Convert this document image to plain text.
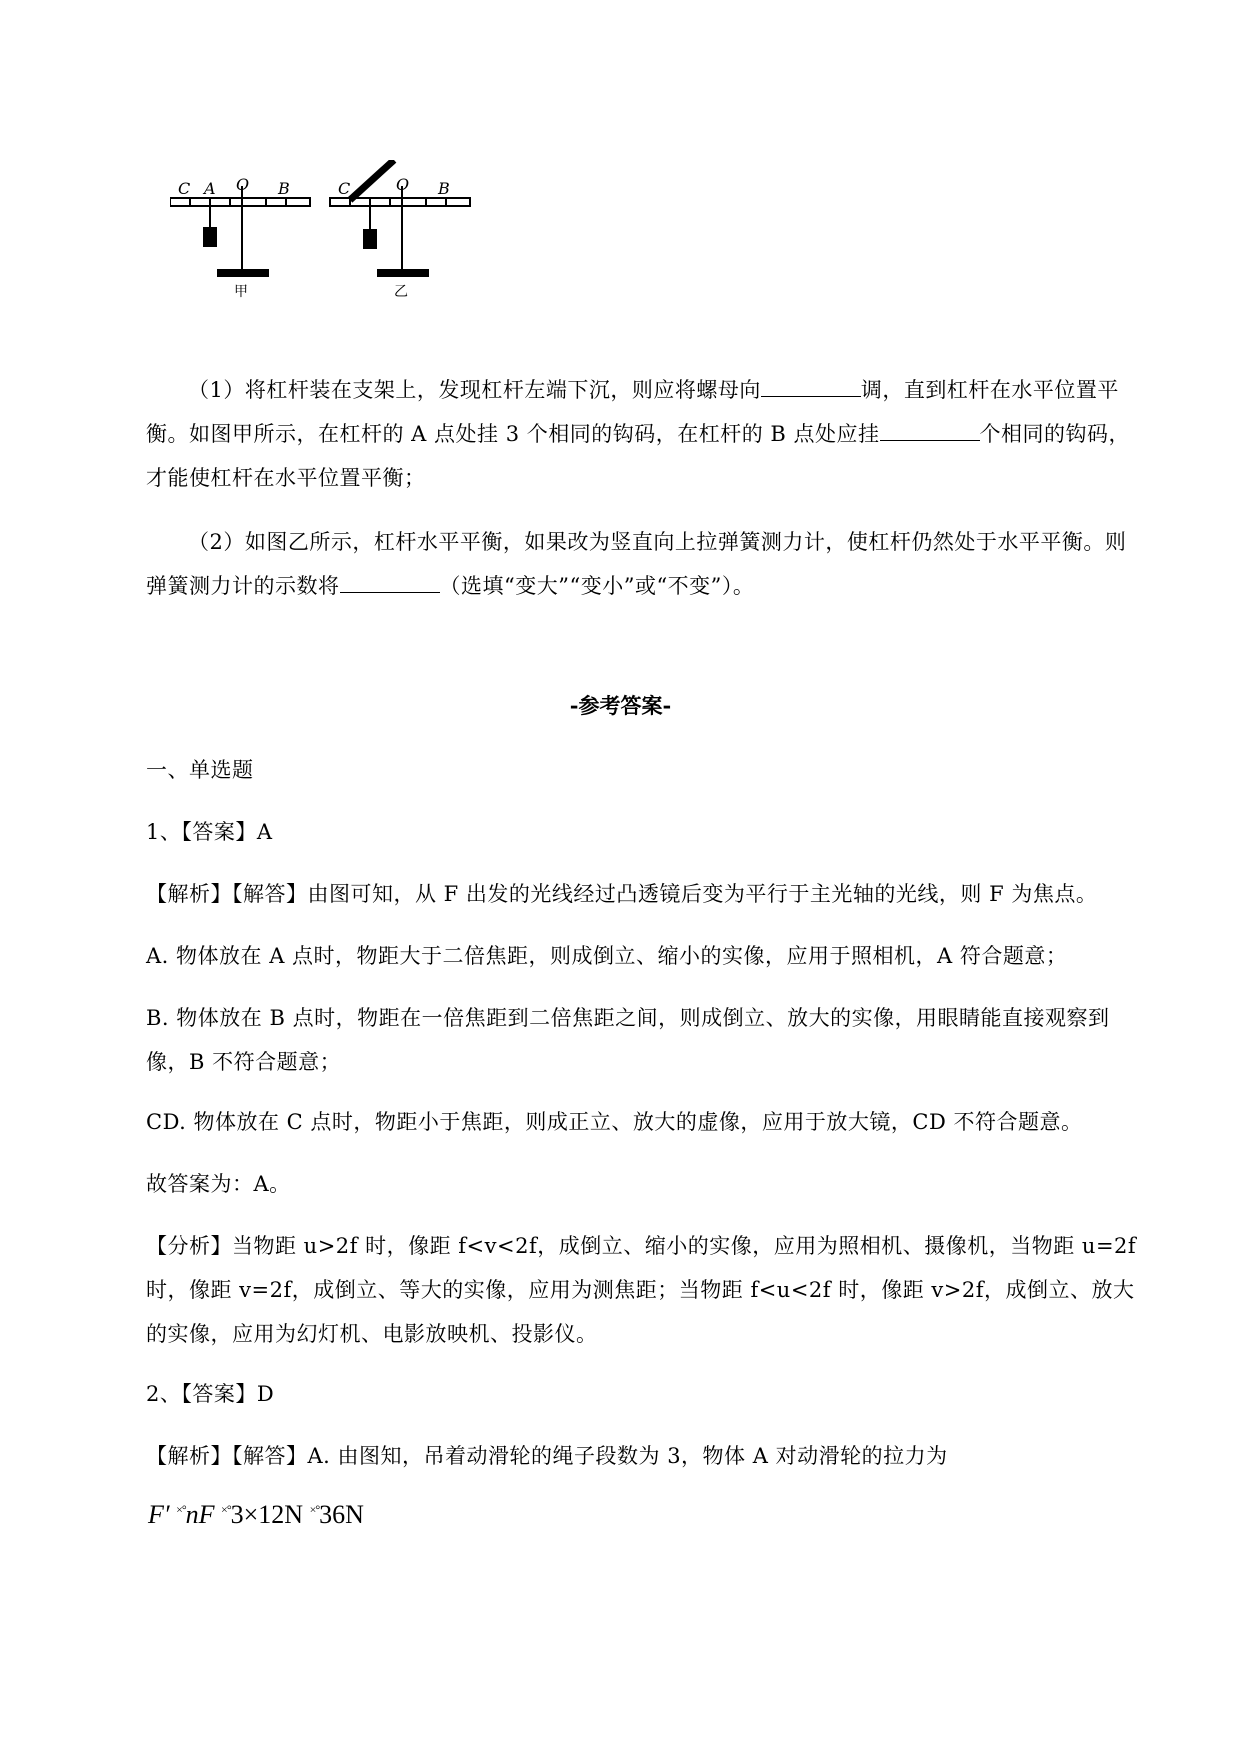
C A O B
甲
C	O B
乙
（1）将杠杆装在支架上，发现杠杆左端下沉，则应将螺母向	调，直到杠杆在水平位置平衡。如图甲所示，在杠杆的 A 点处挂 3 个相同的钩码，在杠杆的 B 点处应挂	个相同的钩码，才能使杠杆在水平位置平衡；
（2）如图乙所示，杠杆水平平衡，如果改为竖直向上拉弹簧测力计，使杠杆仍然处于水平平衡。则弹簧测力计的示数将	（选填“变大”“变小”或“不变”）。
-参考答案-
一、单选题
1、【答案】A
【解析】【解答】由图可知，从 F 出发的光线经过凸透镜后变为平行于主光轴的光线，则 F 为焦点。
A. 物体放在 A 点时，物距大于二倍焦距，则成倒立、缩小的实像，应用于照相机，A 符合题意；
B. 物体放在 B 点时，物距在一倍焦距到二倍焦距之间，则成倒立、放大的实像，用眼睛能直接观察到像，B 不符合题意；
CD. 物体放在 C 点时，物距小于焦距，则成正立、放大的虚像，应用于放大镜，CD 不符合题意。
故答案为：A。
【分析】当物距 u>2f 时，像距 f<v<2f，成倒立、缩小的实像，应用为照相机、摄像机，当物距 u=2f 时，像距 v=2f，成倒立、等大的实像，应用为测焦距；当物距 f<u<2f 时，像距 v>2f，成倒立、放大的实像，应用为幻灯机、电影放映机、投影仪。
2、【答案】D
【解析】【解答】A. 由图知，吊着动滑轮的绳子段数为 3，物体 A 对动滑轮的拉力为
F′ ×°nF ×°3×12N ×°36N
